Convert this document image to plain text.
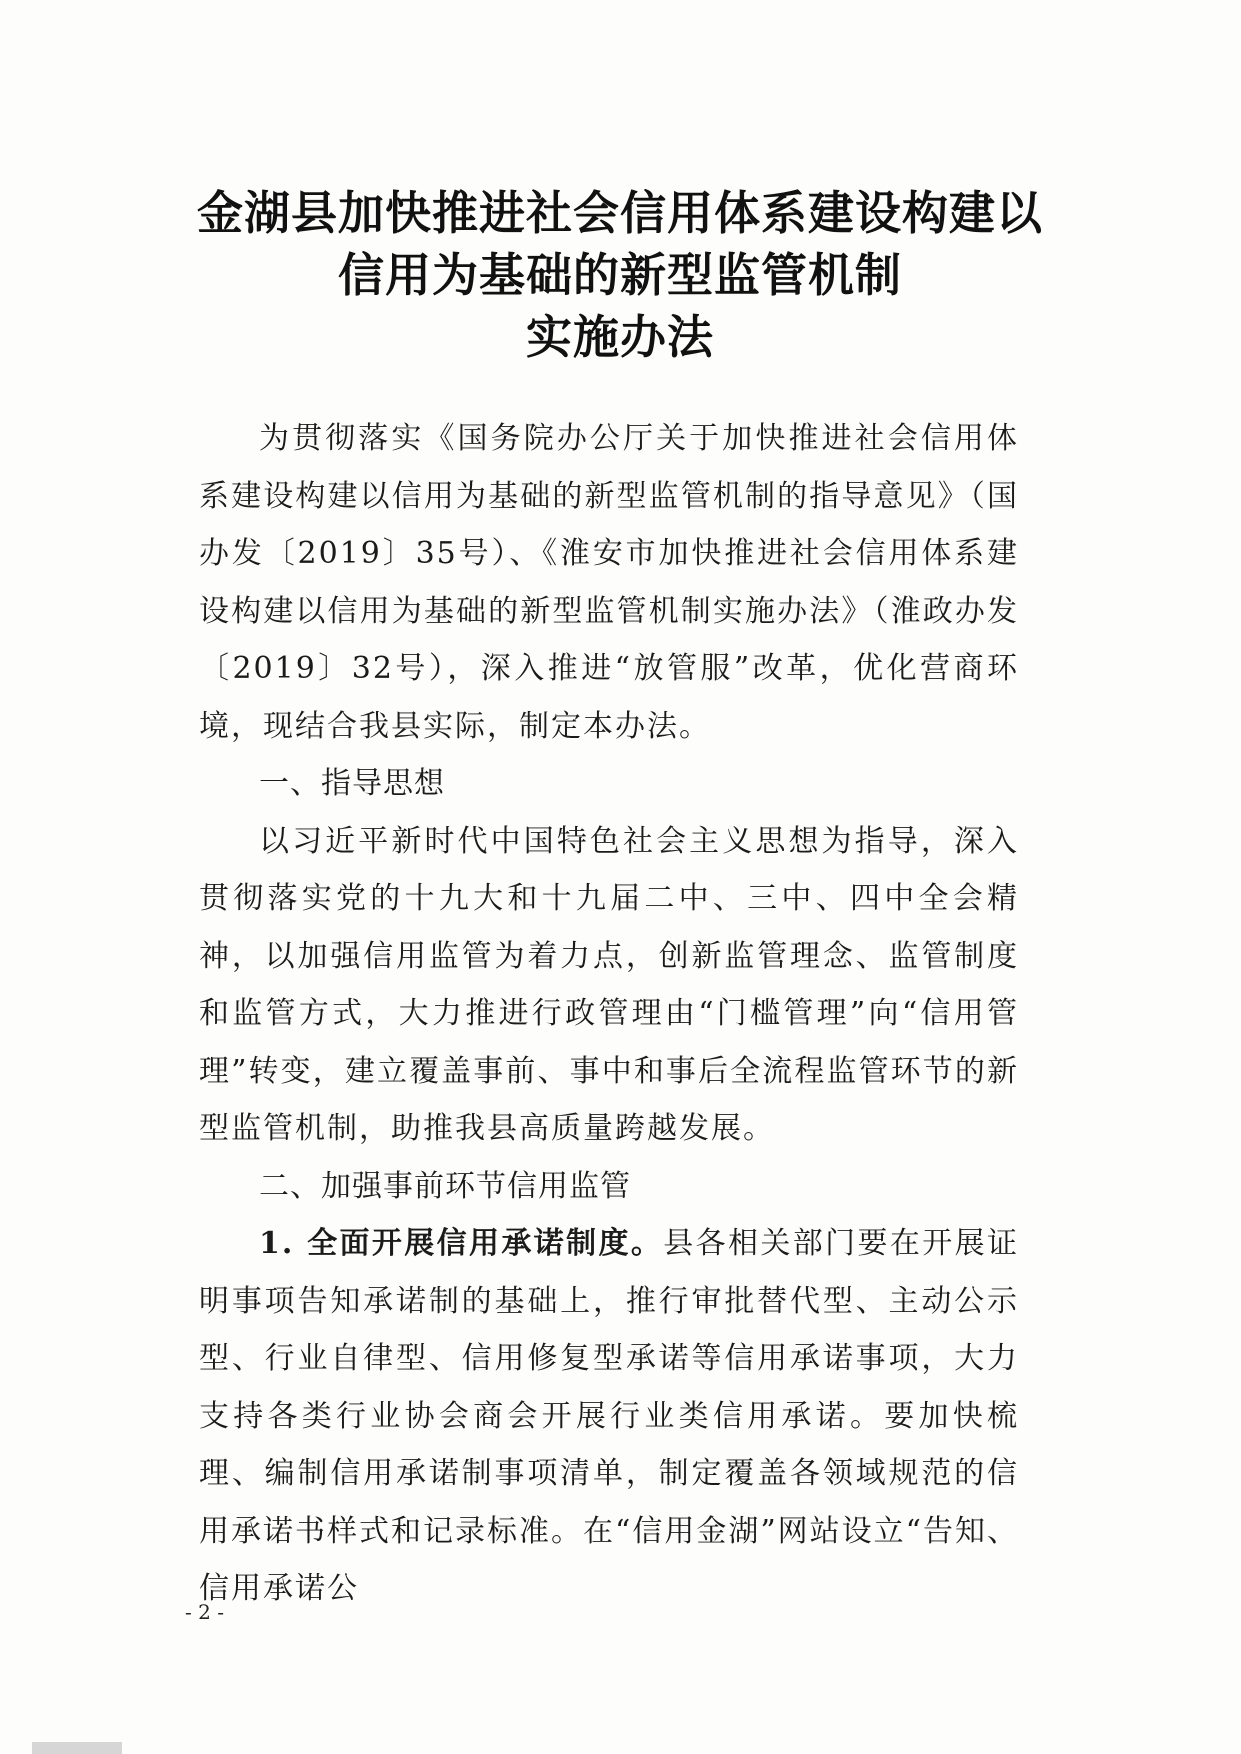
金湖县加快推进社会信用体系建设构建以
信用为基础的新型监管机制
实施办法

为贯彻落实《国务院办公厅关于加快推进社会信用体系建设构建以信用为基础的新型监管机制的指导意见》（国办发〔2019〕35号）、《淮安市加快推进社会信用体系建设构建以信用为基础的新型监管机制实施办法》（淮政办发〔2019〕32号），深入推进“放管服”改革，优化营商环境，现结合我县实际，制定本办法。

一、指导思想

以习近平新时代中国特色社会主义思想为指导，深入贯彻落实党的十九大和十九届二中、三中、四中全会精神，以加强信用监管为着力点，创新监管理念、监管制度和监管方式，大力推进行政管理由“门槛管理”向“信用管理”转变，建立覆盖事前、事中和事后全流程监管环节的新型监管机制，助推我县高质量跨越发展。

二、加强事前环节信用监管

1. 全面开展信用承诺制度。县各相关部门要在开展证明事项告知承诺制的基础上，推行审批替代型、主动公示型、行业自律型、信用修复型承诺等信用承诺事项，大力支持各类行业协会商会开展行业类信用承诺。要加快梳理、编制信用承诺制事项清单，制定覆盖各领域规范的信用承诺书样式和记录标准。在“信用金湖”网站设立“告知、信用承诺公

- 2 -
